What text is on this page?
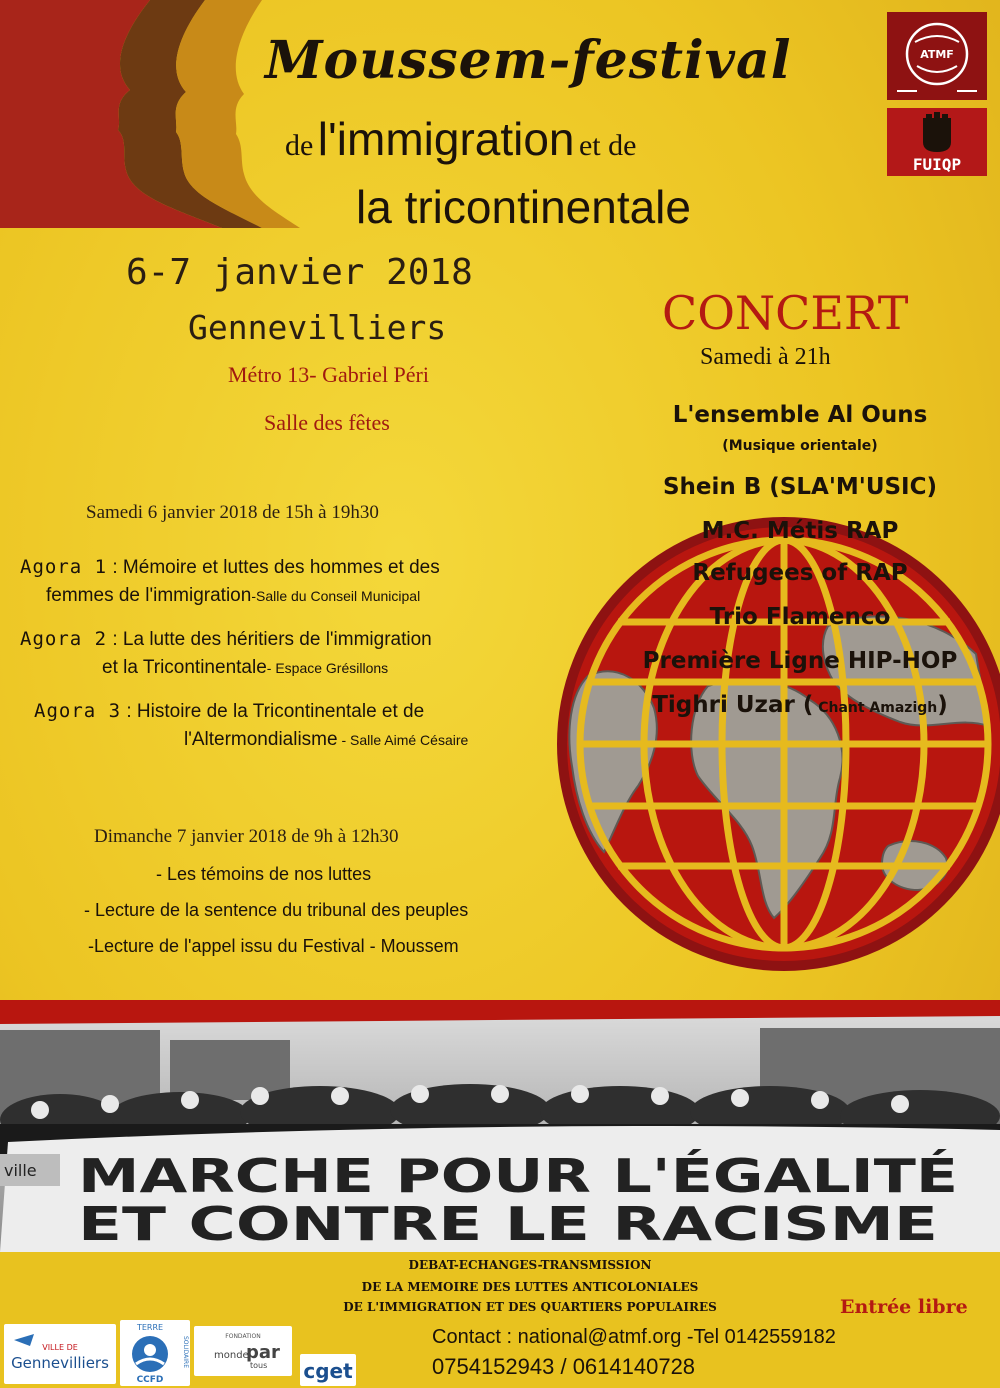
Moussem-festival
de l'immigration et de
la tricontinentale
ATMF
FUIQP
6-7 janvier 2018
Gennevilliers
Métro 13- Gabriel Péri
Salle des fêtes
Samedi 6 janvier 2018 de 15h à 19h30
Agora 1 : Mémoire et luttes des hommes et des
femmes de l'immigration-Salle du Conseil Municipal
Agora 2 : La lutte des héritiers de l'immigration
et la Tricontinentale- Espace Grésillons
Agora 3 : Histoire de la Tricontinentale et de
l'Altermondialisme - Salle Aimé Césaire
Dimanche 7 janvier 2018 de 9h à 12h30
- Les témoins de nos luttes
- Lecture de la sentence du tribunal des peuples
-Lecture de l'appel issu du Festival - Moussem
CONCERT
Samedi à 21h
L'ensemble Al Ouns
(Musique orientale)
Shein B (SLA'M'USIC)
M.C. Métis RAP
Refugees of RAP
Trio Flamenco
Première Ligne HIP-HOP
Tighri Uzar ( Chant Amazigh)
ville MARCHE POUR L'ÉGALITÉ
ET CONTRE LE RACISME
DEBAT-ECHANGES-TRANSMISSION
DE LA MEMOIRE DES LUTTES ANTICOLONIALES
DE L'IMMIGRATION ET DES QUARTIERS POPULAIRES	Entrée libre
Contact : national@atmf.org -Tel 0142559182
0754152943 / 0614140728
VILLE DE
Gennevilliers
TERRE
SOLIDAIRE
CCFD
FONDATION
monde
par
tous cget
